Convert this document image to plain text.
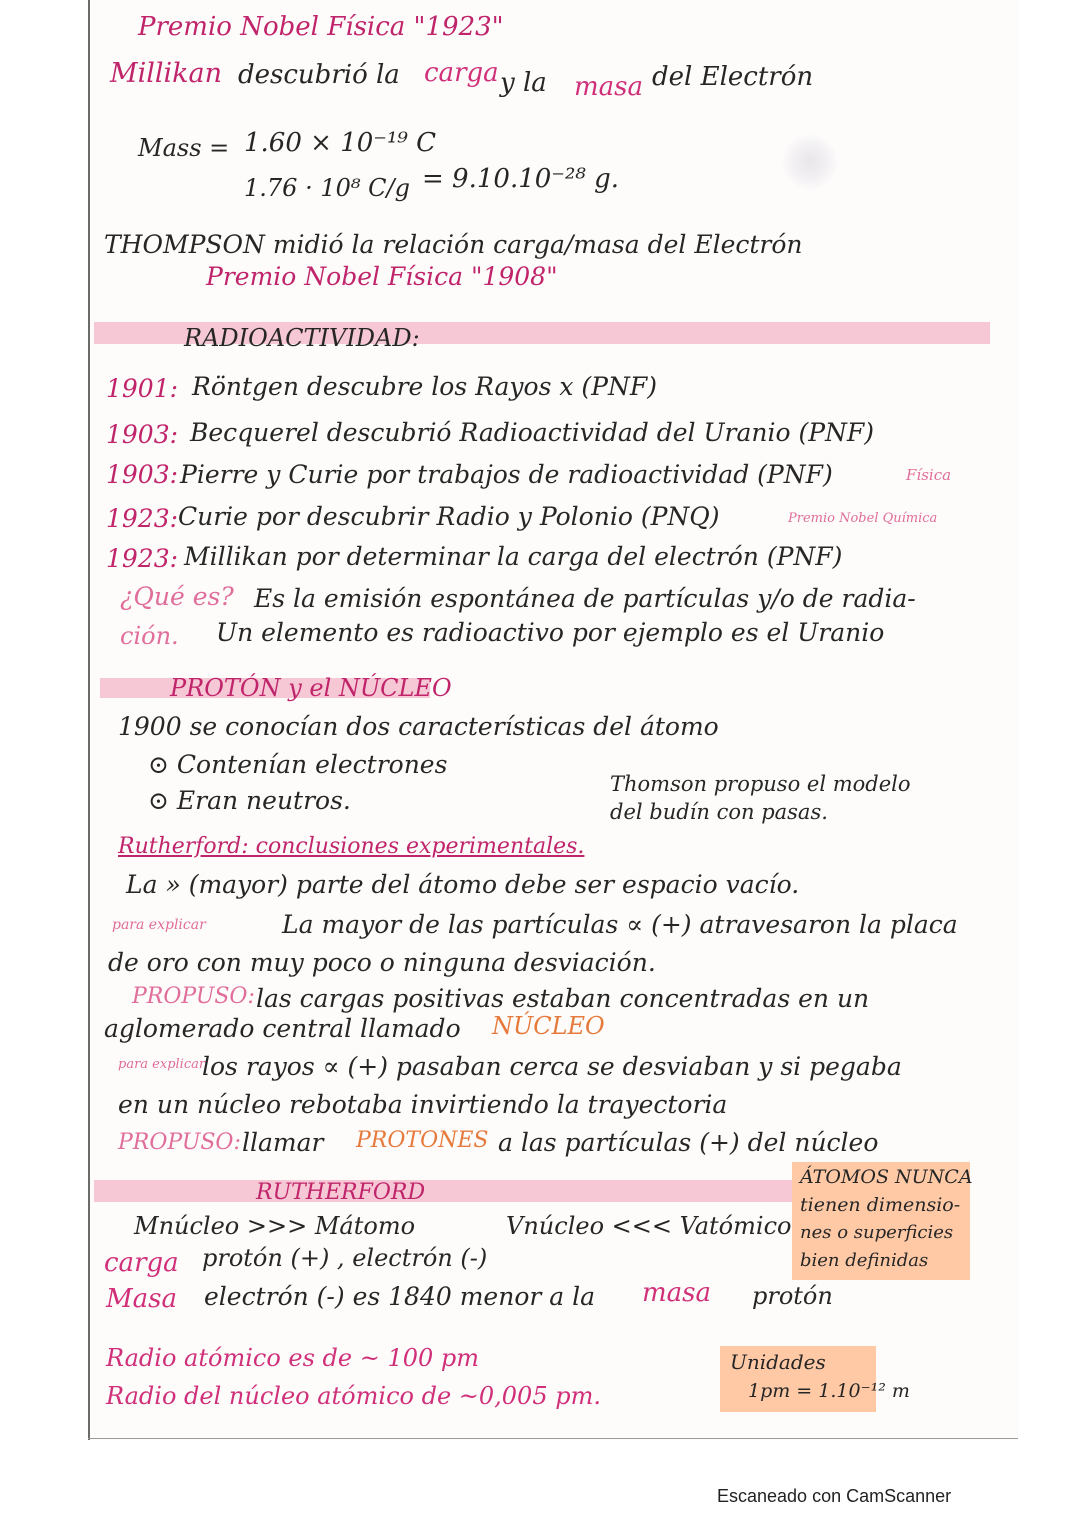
Premio Nobel Física "1923"
Millikan descubrió la carga y la masa del Electrón
Mass = 1.60 × 10⁻¹⁹ C
1.76 · 10⁸ C/g = 9.10.10⁻²⁸ g.
THOMPSON midió la relación carga/masa del Electrón
Premio Nobel Física "1908"
RADIOACTIVIDAD:
1901: Röntgen descubre los Rayos x (PNF)
1903: Becquerel descubrió Radioactividad del Uranio (PNF)
1903: Pierre y Curie por trabajos de radioactividad (PNF)	Física
1923: Curie por descubrir Radio y Polonio (PNQ)	Premio Nobel Química
1923: Millikan por determinar la carga del electrón (PNF)
¿Qué es? Es la emisión espontánea de partículas y/o de radia-
ción. Un elemento es radioactivo por ejemplo es el Uranio
PROTÓN y el NÚCLEO
1900 se conocían dos características del átomo
⊙ Contenían electrones
⊙ Eran neutros.
Thomson propuso el modelo
del budín con pasas.
Rutherford: conclusiones experimentales.
La » (mayor) parte del átomo debe ser espacio vacío.
para explicar	La mayor de las partículas ∝ (+) atravesaron la placa
de oro con muy poco o ninguna desviación.
PROPUSO: las cargas positivas estaban concentradas en un
aglomerado central llamado NÚCLEO
para explicar
los rayos ∝ (+) pasaban cerca se desviaban y si pegaba
en un núcleo rebotaba invirtiendo la trayectoria
PROPUSO: llamar PROTONES a las partículas (+) del núcleo
RUTHERFORD
ÁTOMOS NUNCA
tienen dimensio-
nes o superficies
bien definidas
Mnúcleo >>> Mátomo	Vnúcleo <<< Vatómico
carga protón (+) , electrón (-)
Masa electrón (-) es 1840 menor a la masa protón
Radio atómico es de ~ 100 pm
Radio del núcleo atómico de ~0,005 pm.
Unidades
1pm = 1.10⁻¹² m
Escaneado con CamScanner
